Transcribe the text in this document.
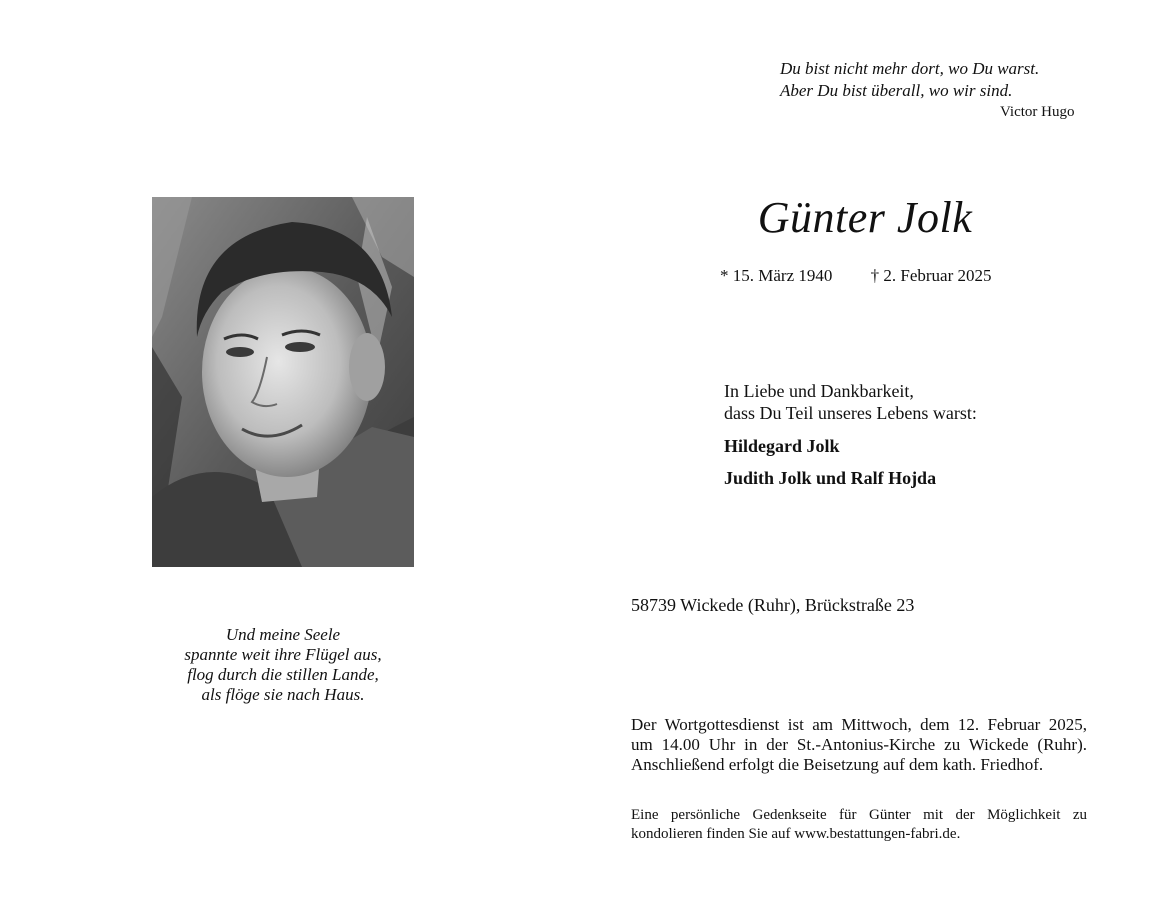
Du bist nicht mehr dort, wo Du warst.
Aber Du bist überall, wo wir sind.
Victor Hugo
Günter Jolk
* 15. März 1940 † 2. Februar 2025
In Liebe und Dankbarkeit,
dass Du Teil unseres Lebens warst:
Hildegard Jolk
Judith Jolk und Ralf Hojda
58739 Wickede (Ruhr), Brückstraße 23
Und meine Seele
spannte weit ihre Flügel aus,
flog durch die stillen Lande,
als flöge sie nach Haus.
Der Wortgottesdienst ist am Mittwoch, dem 12. Februar 2025,
um 14.00 Uhr in der St.-Antonius-Kirche zu Wickede (Ruhr).
Anschließend erfolgt die Beisetzung auf dem kath. Friedhof.
Eine persönliche Gedenkseite für Günter mit der Möglichkeit zu
kondolieren finden Sie auf www.bestattungen-fabri.de.
